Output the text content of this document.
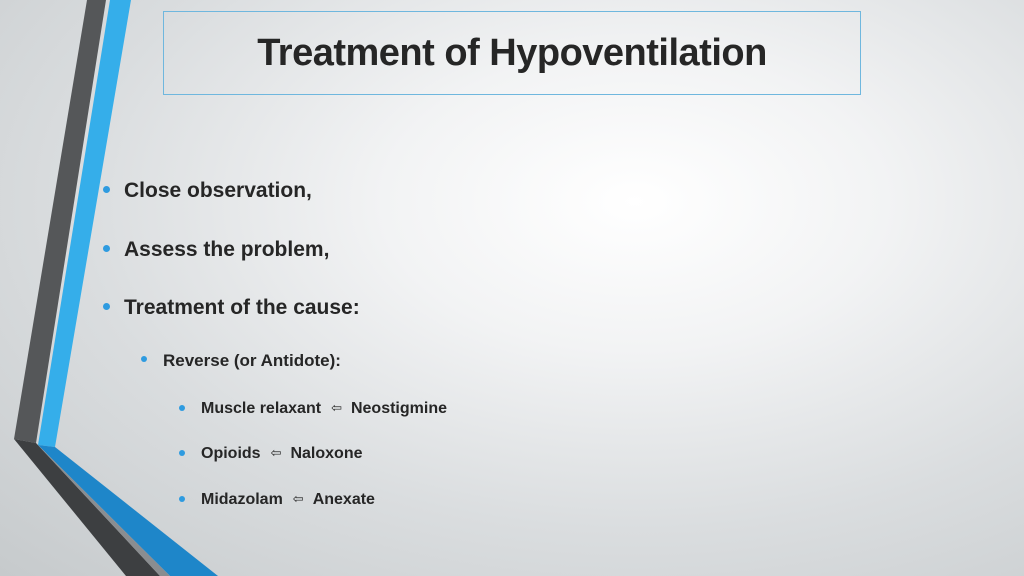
Treatment of Hypoventilation
Close observation,
Assess the problem,
Treatment of the cause:
Reverse (or Antidote):
Muscle relaxant ⇦ Neostigmine
Opioids ⇦ Naloxone
Midazolam ⇦ Anexate
